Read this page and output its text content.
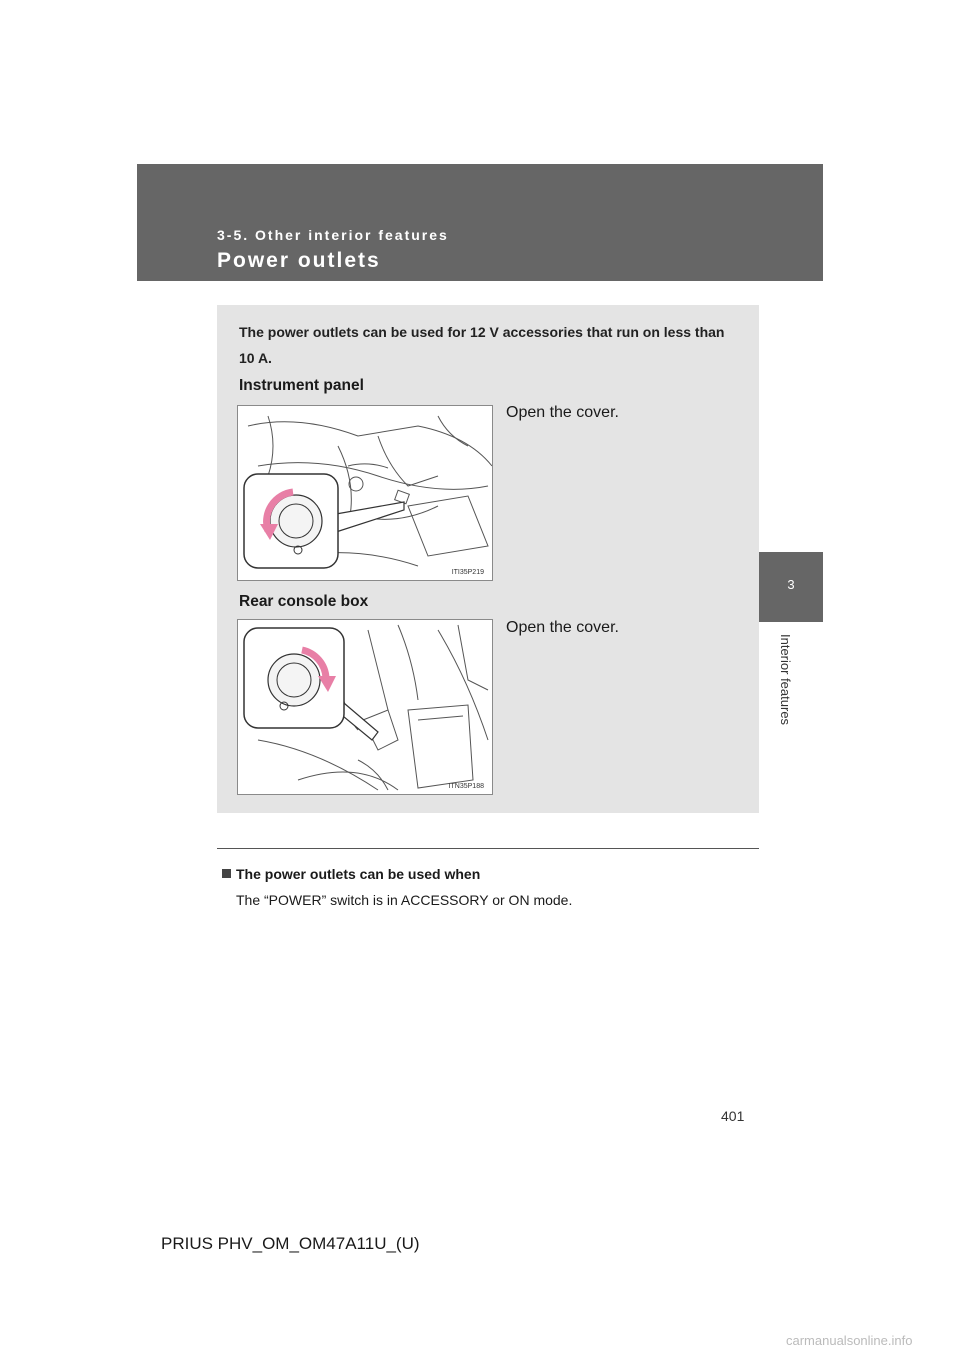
3-5. Other interior features
Power outlets
3
Interior features
The power outlets can be used for 12 V accessories that run on less than 10 A.
Instrument panel
Open the cover.
ITI35P219
Rear console box
Open the cover.
ITN35P188
The power outlets can be used when
The “POWER” switch is in ACCESSORY or ON mode.
401
PRIUS PHV_OM_OM47A11U_(U)
carmanualsonline.info
